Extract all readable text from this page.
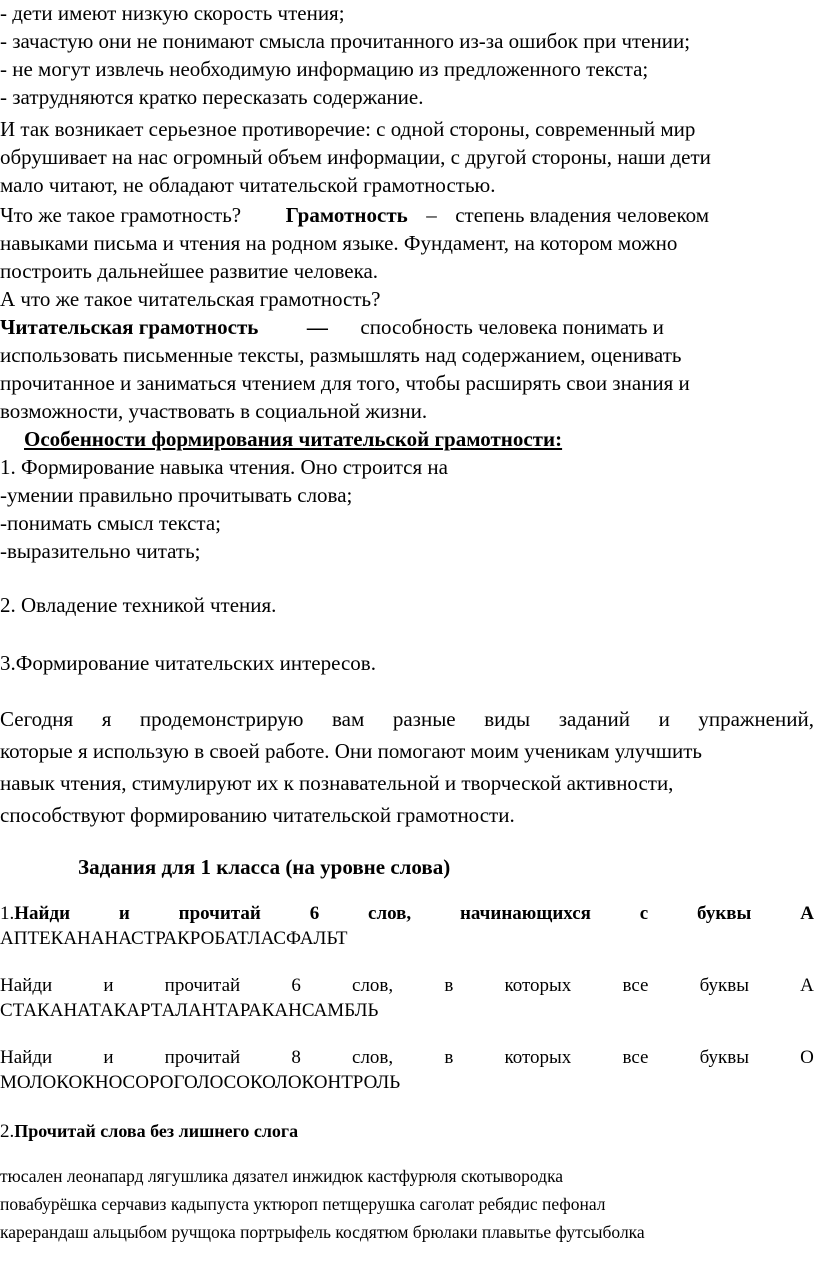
- дети имеют низкую скорость чтения;
- зачастую они не понимают смысла прочитанного из-за ошибок при чтении;
- не могут извлечь необходимую информацию из предложенного текста;
- затрудняются кратко пересказать содержание.
И так возникает серьезное противоречие: с одной стороны, современный мир
обрушивает на нас огромный объем информации, с другой стороны, наши дети
мало читают, не обладают читательской грамотностью.
Что же такое грамотность? Грамотность – степень владения человеком
навыками письма и чтения на родном языке. Фундамент, на котором можно
построить дальнейшее развитие человека.
А что же такое читательская грамотность?
Читательская грамотность — способность человека понимать и
использовать письменные тексты, размышлять над содержанием, оценивать
прочитанное и заниматься чтением для того, чтобы расширять свои знания и
возможности, участвовать в социальной жизни.
Особенности формирования читательской грамотности:
1. Формирование навыка чтения. Оно строится на
-умении правильно прочитывать слова;
-понимать смысл текста;
-выразительно читать;
2. Овладение техникой чтения.
3.Формирование читательских интересов.
Сегодня я продемонстрирую вам разные виды заданий и упражнений,
которые я использую в своей работе. Они помогают моим ученикам улучшить
навык чтения, стимулируют их к познавательной и творческой активности,
способствуют формированию читательской грамотности.
Задания для 1 класса (на уровне слова)
1.Найди	и	прочитай	6	слов,	начинающихся	с	буквы	А
АПТЕКАНАНАСТРАКРОБАТЛАСФАЛЬТ
Найди	и	прочитай	6	слов,	в	которых	все	буквы	А
СТАКАНАТАКАРТАЛАНТАРАКАНСАМБЛЬ
Найди	и	прочитай	8	слов,	в	которых	все	буквы	О
МОЛОКОКНОСОРОГОЛОСОКОЛОКОНТРОЛЬ
2.Прочитай слова без лишнего слога
тюсален леонапард лягушлика дязател инжидюк кастфурюля скотывородка
повабурёшка серчавиз кадыпуста уктюроп петщерушка саголат ребядис пефонал
карерандаш альцыбом ручщока портрыфель косдятюм брюлаки плавытье футсыболка
